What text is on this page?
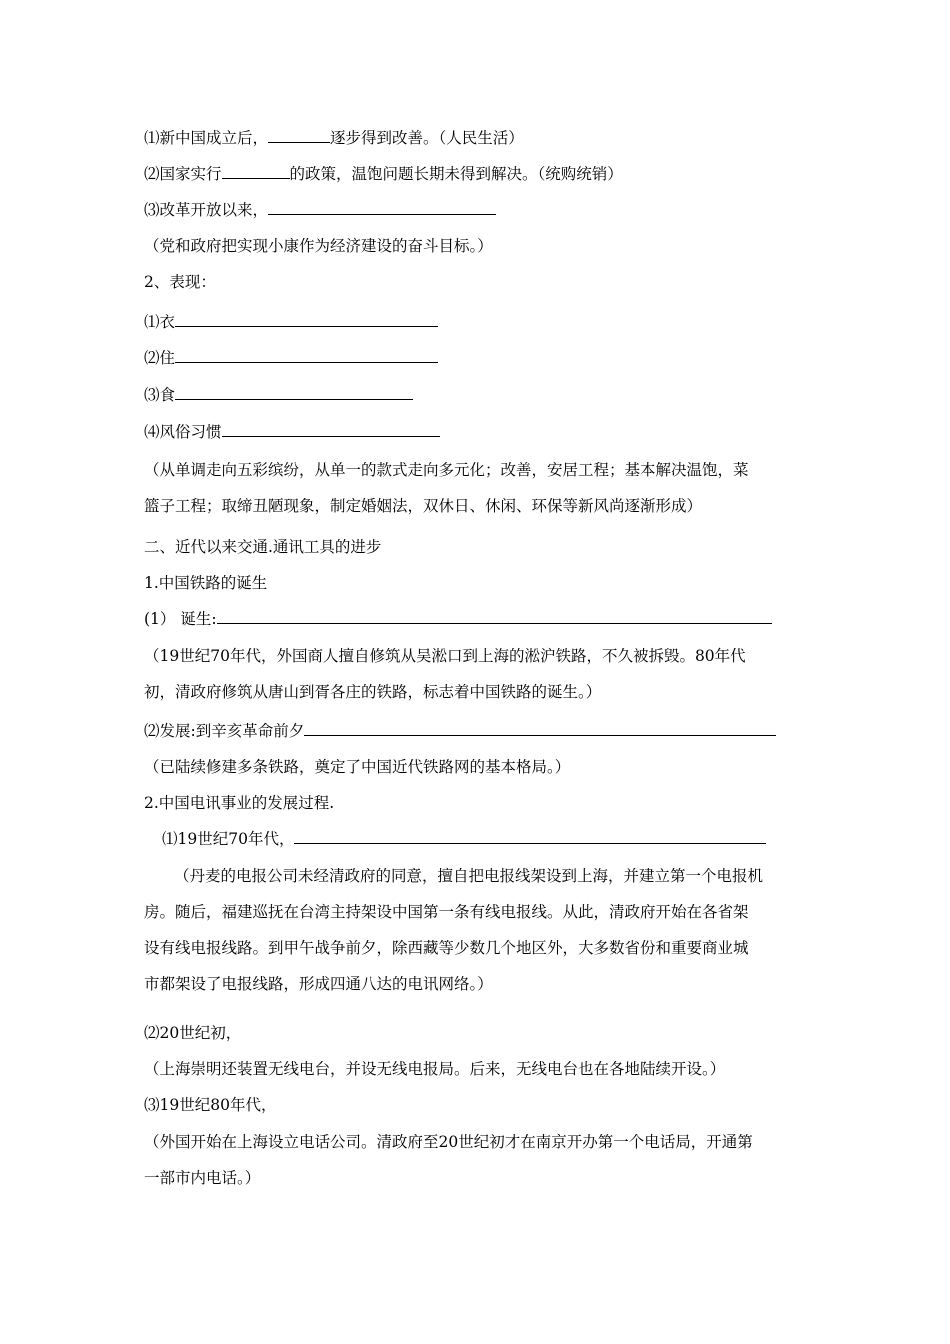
⑴新中国成立后，	逐步得到改善。（人民生活）
⑵国家实行	的政策，温饱问题长期未得到解决。（统购统销）
⑶改革开放以来，
（党和政府把实现小康作为经济建设的奋斗目标。）
2、表现：
⑴衣
⑵住
⑶食
⑷风俗习惯
（从单调走向五彩缤纷，从单一的款式走向多元化；改善，安居工程；基本解决温饱，菜
篮子工程；取缔丑陋现象，制定婚姻法，双休日、休闲、环保等新风尚逐渐形成）
二、近代以来交通.通讯工具的进步
1.中国铁路的诞生
(1） 诞生:
（19世纪70年代，外国商人擅自修筑从吴淞口到上海的淞沪铁路，不久被拆毁。80年代
初，清政府修筑从唐山到胥各庄的铁路，标志着中国铁路的诞生。）
⑵发展:到辛亥革命前夕
（已陆续修建多条铁路，奠定了中国近代铁路网的基本格局。）
2.中国电讯事业的发展过程.
⑴19世纪70年代，
（丹麦的电报公司未经清政府的同意，擅自把电报线架设到上海，并建立第一个电报机
房。随后，福建巡抚在台湾主持架设中国第一条有线电报线。从此，清政府开始在各省架
设有线电报线路。到甲午战争前夕，除西藏等少数几个地区外，大多数省份和重要商业城
市都架设了电报线路，形成四通八达的电讯网络。）
⑵20世纪初，
（上海崇明还装置无线电台，并设无线电报局。后来，无线电台也在各地陆续开设。）
⑶19世纪80年代，
（外国开始在上海设立电话公司。清政府至20世纪初才在南京开办第一个电话局，开通第
一部市内电话。）
